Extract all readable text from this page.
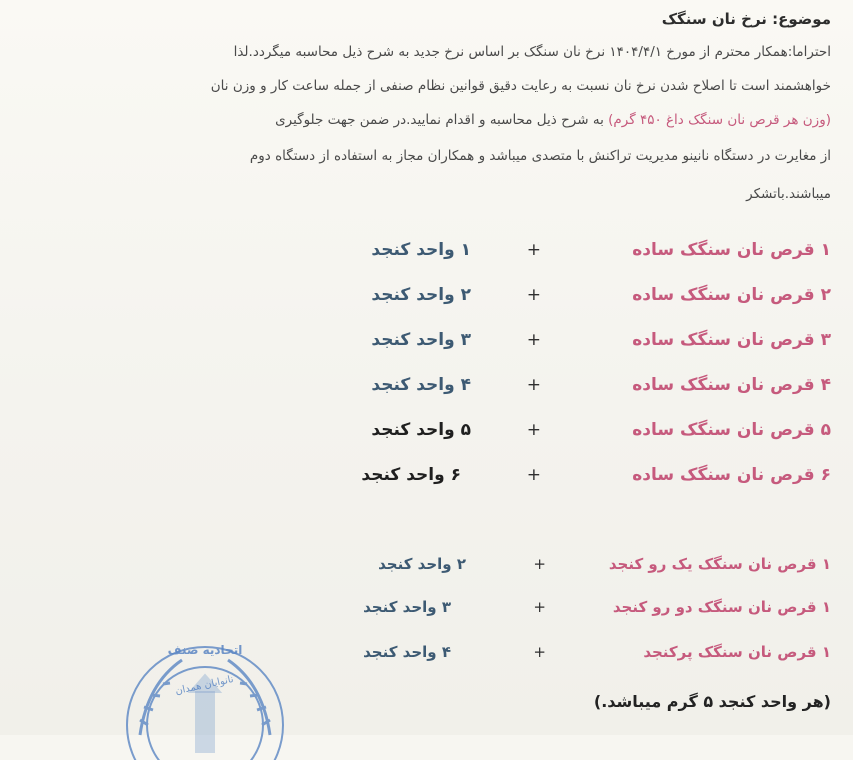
موضوع: نرخ نان سنگک
احتراما:همکار محترم از مورخ ۱۴۰۴/۴/۱ نرخ نان سنگک بر اساس نرخ جدید به شرح ذیل محاسبه میگردد.لذا
خواهشمند است تا اصلاح شدن نرخ نان نسبت به رعایت دقیق قوانین نظام صنفی از جمله ساعت کار و وزن نان
(وزن هر قرص نان سنگک داغ ۴۵۰ گرم) به شرح ذیل محاسبه و اقدام نمایید.در ضمن جهت جلوگیری
از مغایرت در دستگاه نانینو مدیریت تراکنش با متصدی میباشد و همکاران مجاز به استفاده از دستگاه دوم
میباشند.باتشکر
۱ قرص نان سنگک ساده
+
۱ واحد کنجد
۲ قرص نان سنگک ساده
+
۲ واحد کنجد
۳ قرص نان سنگک ساده
+
۳ واحد کنجد
۴ قرص نان سنگک ساده
+
۴ واحد کنجد
۵ قرص نان سنگک ساده
+
۵ واحد کنجد
۶ قرص نان سنگک ساده
+
۶ واحد کنجد
۱ قرص نان سنگک یک رو کنجد
+
۲ واحد کنجد
۱ قرص نان سنگک دو رو کنجد
+
۳ واحد کنجد
۱ قرص نان سنگک پرکنجد
+
۴ واحد کنجد
اتحادیه صنف
نانوایان همدان
(هر واحد کنجد ۵ گرم میباشد.)
